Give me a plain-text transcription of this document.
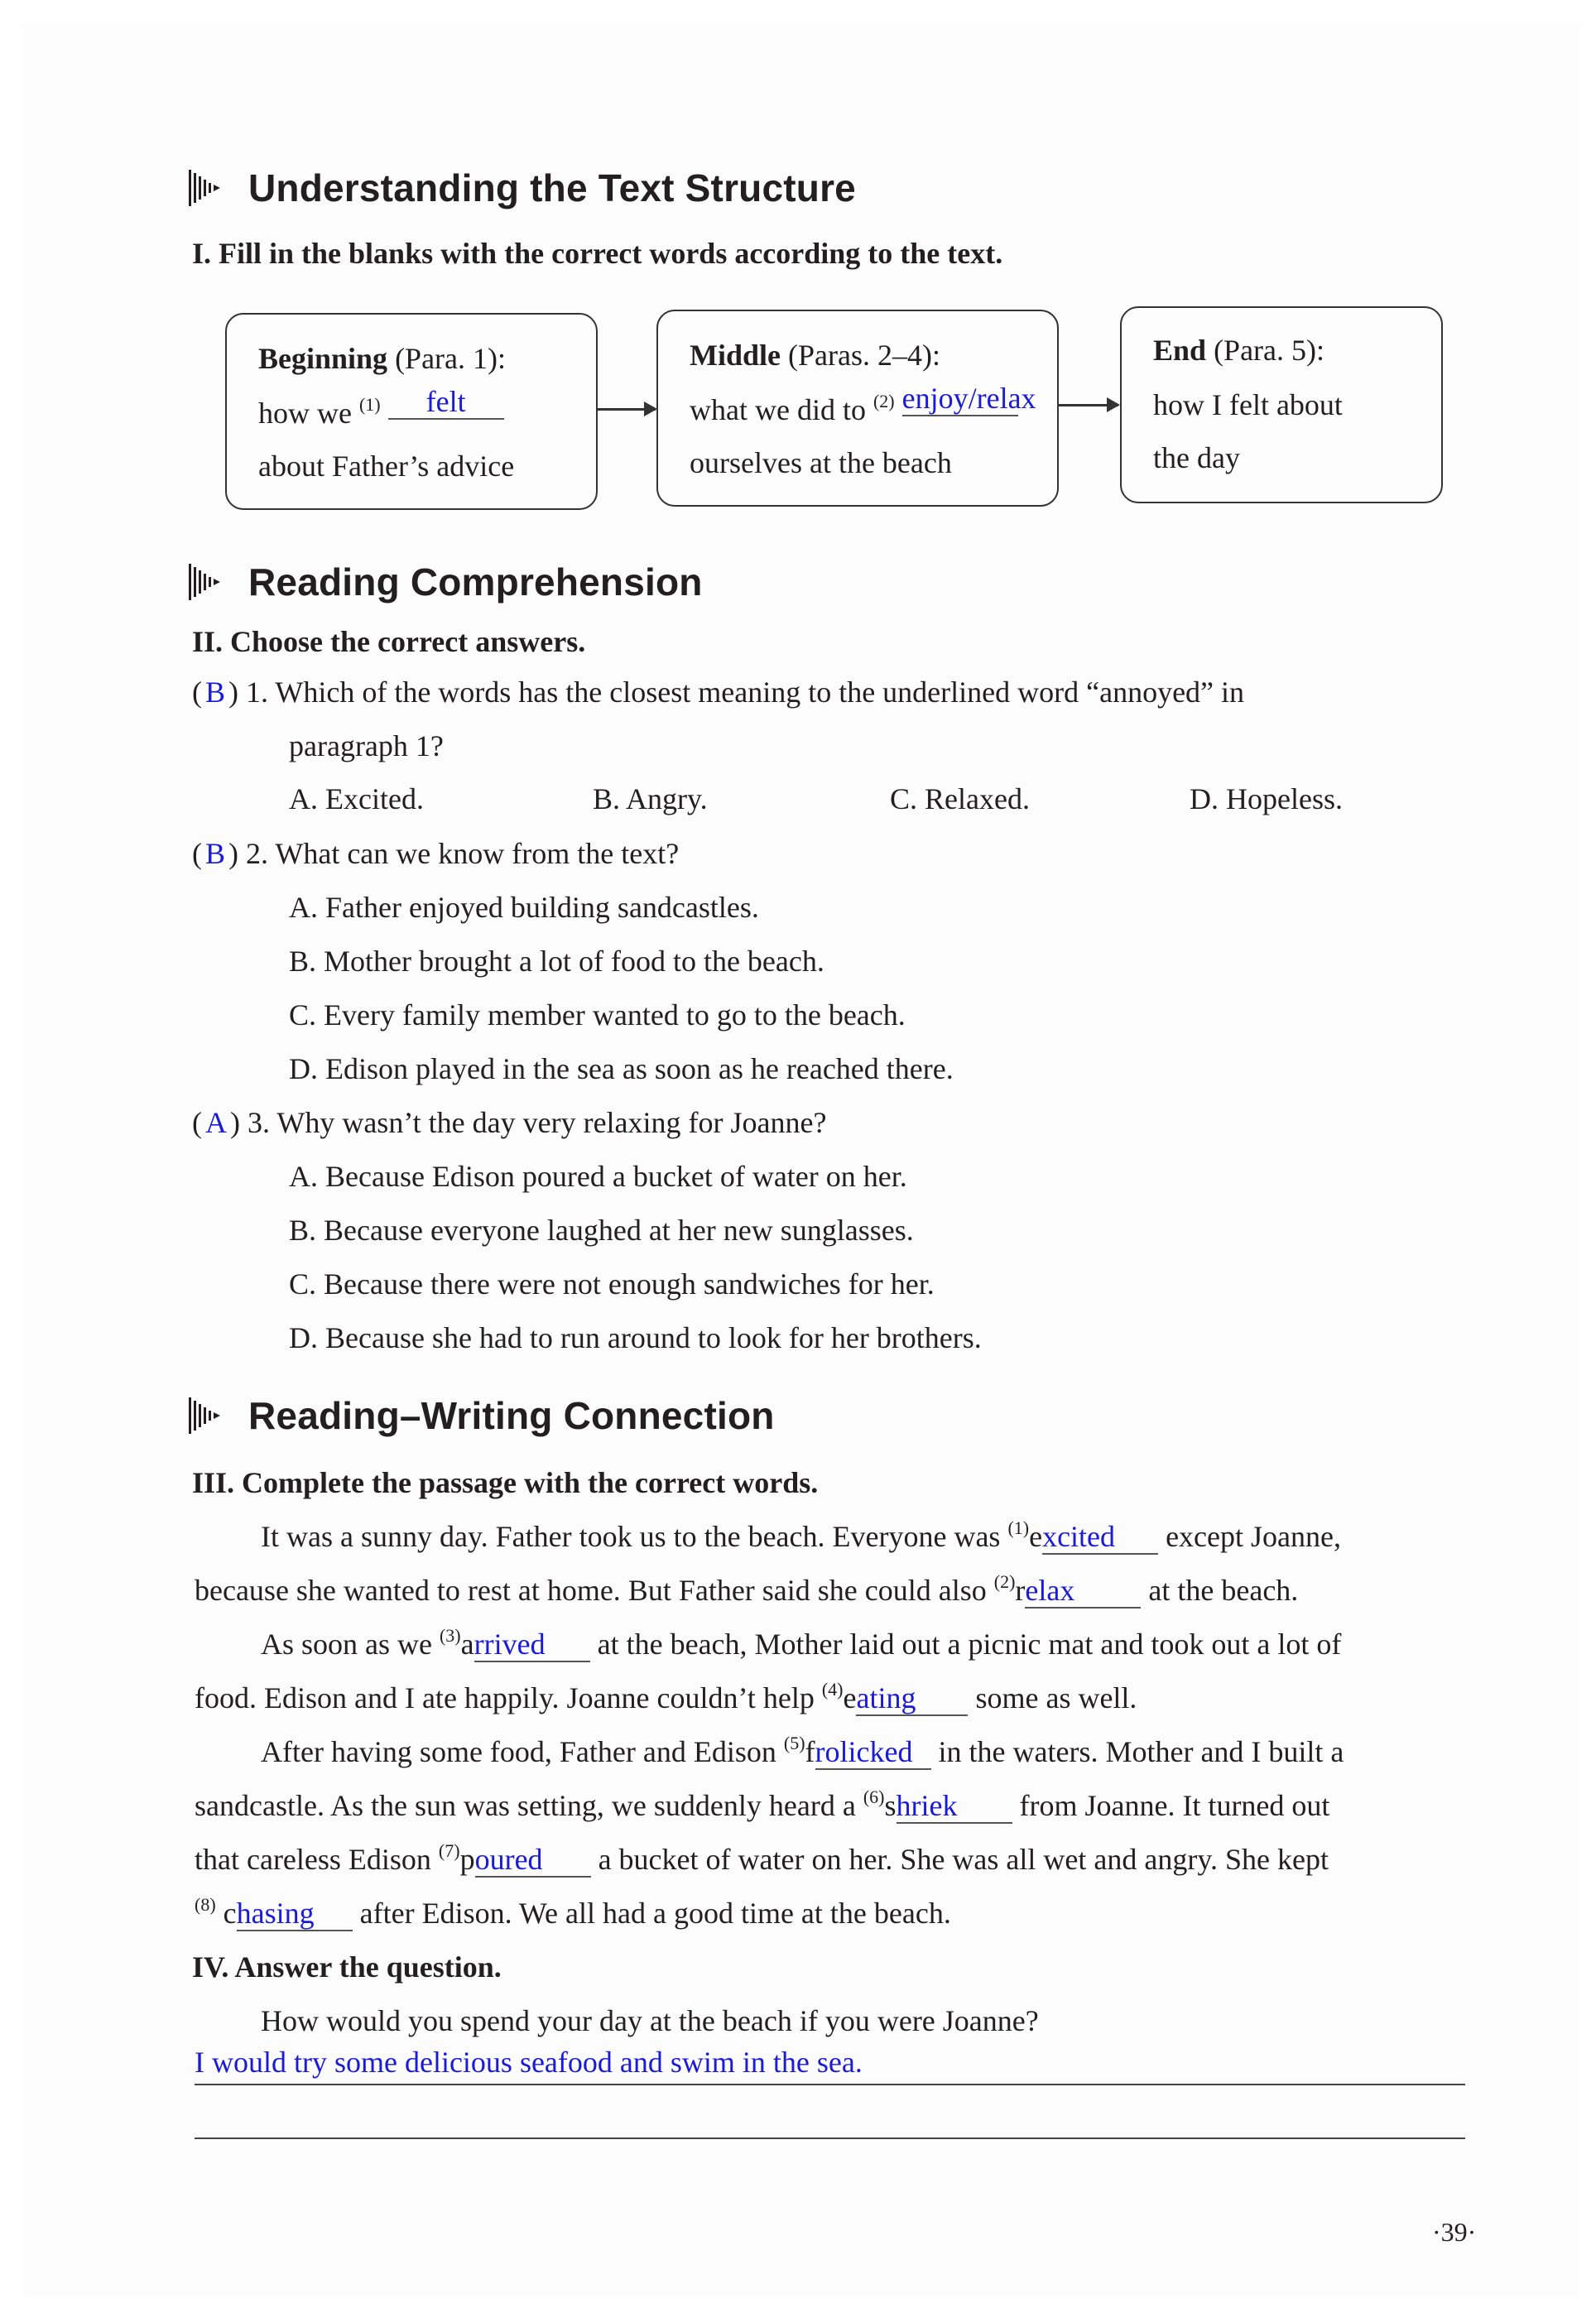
Understanding the Text Structure
I. Fill in the blanks with the correct words according to the text.
Beginning (Para. 1):
how we $^{(1)}$ felt
about Father’s advice
Middle (Paras. 2–4):
what we did to $^{(2)}$ enjoy/relax
ourselves at the beach
End (Para. 5):
how I felt about
the day
Reading Comprehension
II. Choose the correct answers.
( B ) 1. Which of the words has the closest meaning to the underlined word “annoyed” in
paragraph 1?
A. Excited.	B. Angry.	C. Relaxed.	D. Hopeless.
( B ) 2. What can we know from the text?
A. Father enjoyed building sandcastles.
B. Mother brought a lot of food to the beach.
C. Every family member wanted to go to the beach.
D. Edison played in the sea as soon as he reached there.
( A ) 3. Why wasn’t the day very relaxing for Joanne?
A. Because Edison poured a bucket of water on her.
B. Because everyone laughed at her new sunglasses.
C. Because there were not enough sandwiches for her.
D. Because she had to run around to look for her brothers.
Reading–Writing Connection
III. Complete the passage with the correct words.
It was a sunny day. Father took us to the beach. Everyone was $^{(1)}$excited except Joanne,
because she wanted to rest at home. But Father said she could also $^{(2)}$relax at the beach.
As soon as we $^{(3)}$arrived at the beach, Mother laid out a picnic mat and took out a lot of
food. Edison and I ate happily. Joanne couldn’t help $^{(4)}$eating some as well.
After having some food, Father and Edison $^{(5)}$frolicked in the waters. Mother and I built a
sandcastle. As the sun was setting, we suddenly heard a $^{(6)}$shriek from Joanne. It turned out
that careless Edison $^{(7)}$poured a bucket of water on her. She was all wet and angry. She kept
$^{(8)}$ chasing after Edison. We all had a good time at the beach.
IV. Answer the question.
How would you spend your day at the beach if you were Joanne?
I would try some delicious seafood and swim in the sea.
·39·
